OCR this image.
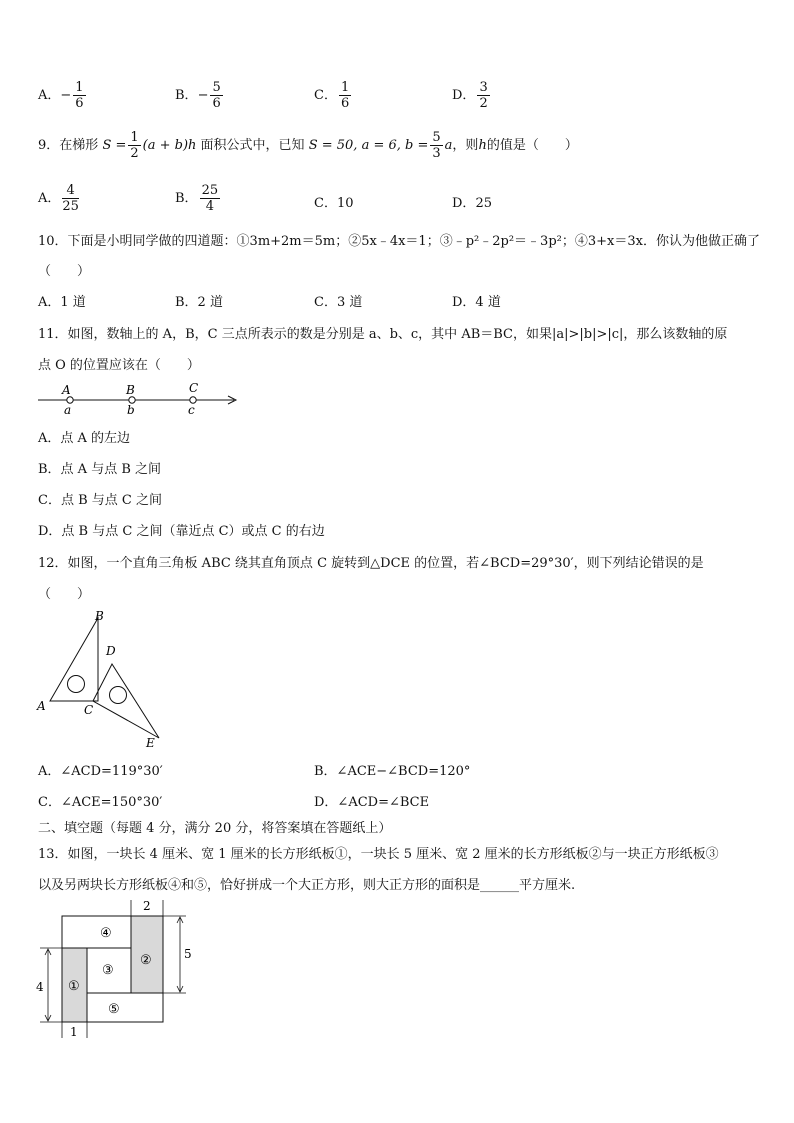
A．− $\frac{1}{6}$	B．− $\frac{5}{6}$	C． $\frac{1}{6}$	D． $\frac{3}{2}$
9．在梯形 $S = \frac{1}{2} (a + b)h$ 面积公式中，已知 S = 50, a = 6, $b = \frac{5}{3}$ a，则h的值是（　　）
A． $\frac{4}{25}$	B． $\frac{25}{4}$	C．10	D．25
10．下面是小明同学做的四道题：①3m+2m＝5m；②5x﹣4x＝1；③﹣p²﹣2p²＝﹣3p²；④3+x＝3x．你认为他做正确了
（　　）
A．1 道	B．2 道	C．3 道	D．4 道
11．如图，数轴上的 A，B，C 三点所表示的数是分别是 a、b、c，其中 AB＝BC，如果|a|>|b|>|c|，那么该数轴的原
点 O 的位置应该在（　　）
A	B	C
a	b	c
A．点 A 的左边
B．点 A 与点 B 之间
C．点 B 与点 C 之间
D．点 B 与点 C 之间（靠近点 C）或点 C 的右边
12．如图，一个直角三角板 ABC 绕其直角顶点 C 旋转到△DCE 的位置，若∠BCD=29°30′，则下列结论错误的是
（　　）
B
D
A	C
E
A．∠ACD=119°30′	B．∠ACE−∠BCD=120°
C．∠ACE=150°30′	D．∠ACD=∠BCE
二、填空题（每题 4 分，满分 20 分，将答案填在答题纸上）
13．如图，一块长 4 厘米、宽 1 厘米的长方形纸板①，一块长 5 厘米、宽 2 厘米的长方形纸板②与一块正方形纸板③
以及另两块长方形纸板④和⑤，恰好拼成一个大正方形，则大正方形的面积是______平方厘米.
①
②
③
④
⑤
2
5
4
1
